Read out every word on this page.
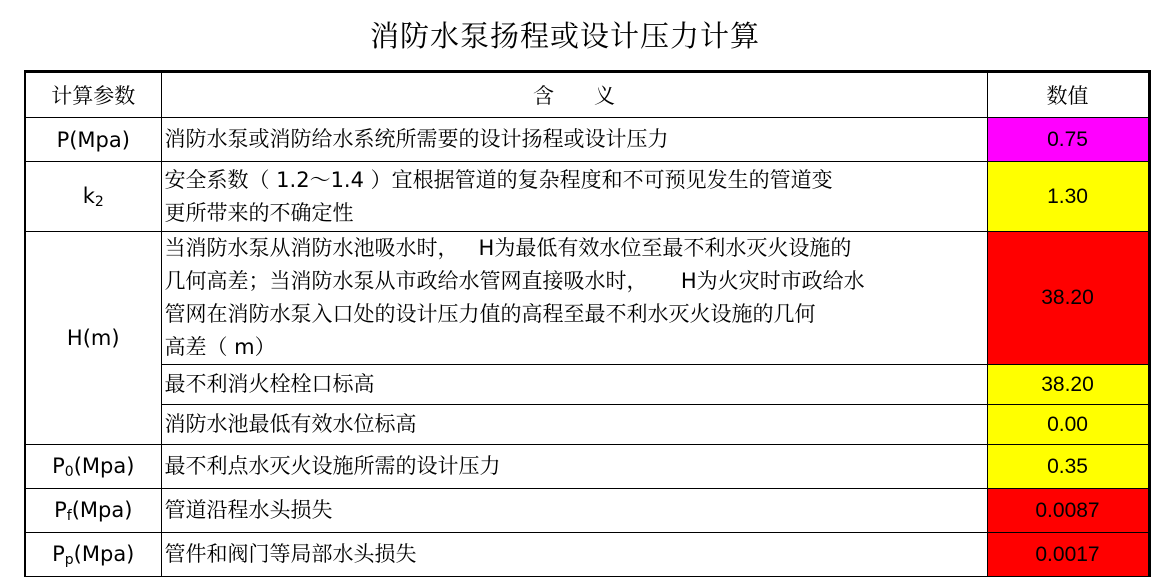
消防水泵扬程或设计压力计算
计算参数	含 义	数值
P(Mpa)	消防水泵或消防给水系统所需要的设计扬程或设计压力	0.75
$k_2$	安全系数（ 1.2～1.4 ）宜根据管道的复杂程度和不可预见发生的管道变
更所带来的不确定性	1.30
H(m)	当消防水泵从消防水池吸水时，   H为最低有效水位至最不利水灭火设施的
几何高差；当消防水泵从市政给水管网直接吸水时，     H为火灾时市政给水
管网在消防水泵入口处的设计压力值的高程至最不利水灭火设施的几何
高差（ m）	38.20
	最不利消火栓栓口标高	38.20
	消防水池最低有效水位标高	0.00
$P_0(Mpa)$	最不利点水灭火设施所需的设计压力	0.35
$P_f(Mpa)$	管道沿程水头损失	0.0087
$P_p(Mpa)$	管件和阀门等局部水头损失	0.0017
